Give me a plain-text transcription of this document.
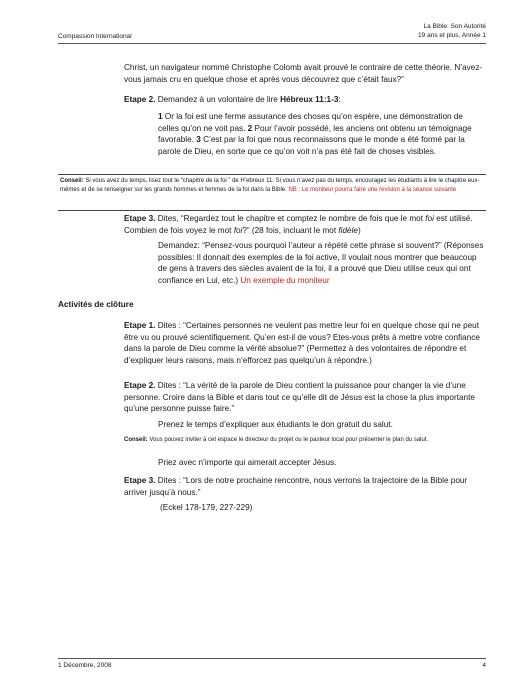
Compassion International
La Bible: Son Autorité
19 ans et plus, Année 1

Christ, un navigateur nommé Christophe Colomb avait prouvé le contraire de cette théorie. N’avez-vous jamais cru en quelque chose et après vous découvrez que c’était faux?”

Etape 2. Demandez à un volontaire de lire Hébreux 11:1-3:

1 Or la foi est une ferme assurance des choses qu’on espère, une démonstration de celles qu’on ne voit pas. 2 Pour l’avoir possédé, les anciens ont obtenu un témoignage favorable. 3 C’est par la foi que nous reconnaissons que le monde a été formé par la parole de Dieu, en sorte que ce qu’on voit n’a pas été fait de choses visibles.

Conseil: Si vous avez du temps, lisez tout le “chapitre de la foi ” de H’ebreux 11. Si vous n’avez pas du temps, encouragez les étudiants à lire le chapitre eux-mêmes et de se renseigner sur les grands hommes et femmes de la foi dans la Bible. NB : Le moniteur pourra faire une revision à la séance suivante

Etape 3. Dites, “Regardez tout le chapitre et comptez le nombre de fois que le mot foi est utilisé. Combien de fois voyez le mot foi?” (28 fois, incluant le mot fidèle)

Demandez: “Pensez-vous pourquoi l’auteur a répété cette phrase si souvent?” (Réponses possibles: Il donnait des exemples de la foi active, Il voulait nous montrer que beaucoup de gens à travers des siècles avaient de la foi, il a prouvé que Dieu utilise ceux qui ont confiance en Lui, etc.) Un exemple du moniteur

Activités de clôture

Etape 1. Dites : “Certaines personnes ne veulent pas mettre leur foi en quelque chose qui ne peut être vu ou prouvé scientifiquement. Qu’en est-il de vous? Etes-vous prêts à mettre votre confiance dans la parole de Dieu comme la vérité absolue?” (Permettez à des volontaires de répondre et d’expliquer leurs raisons, mais n’efforcez pas quelqu’un à répondre.)

Etape 2. Dites : “La vérité de la parole de Dieu contient la puissance pour changer la vie d’une personne. Croire dans la Bible et dans tout ce qu’elle dit de Jésus est la chose la plus importante qu’une personne puisse faire.”

Prenez le temps d’expliquer aux étudiants le don gratuit du salut.

Conseil: Vous pouvez inviter à cet espace le directeur du projet ou le pasteur local pour présenter le plan du salut.

Priez avec n’importe qui aimerait accepter Jésus.

Etape 3. Dites : “Lors de notre prochaine rencontre, nous verrons la trajectoire de la Bible pour arriver jusqu’à nous.”

(Eckel 178-179, 227-229)

1 Décembre, 2008	4
